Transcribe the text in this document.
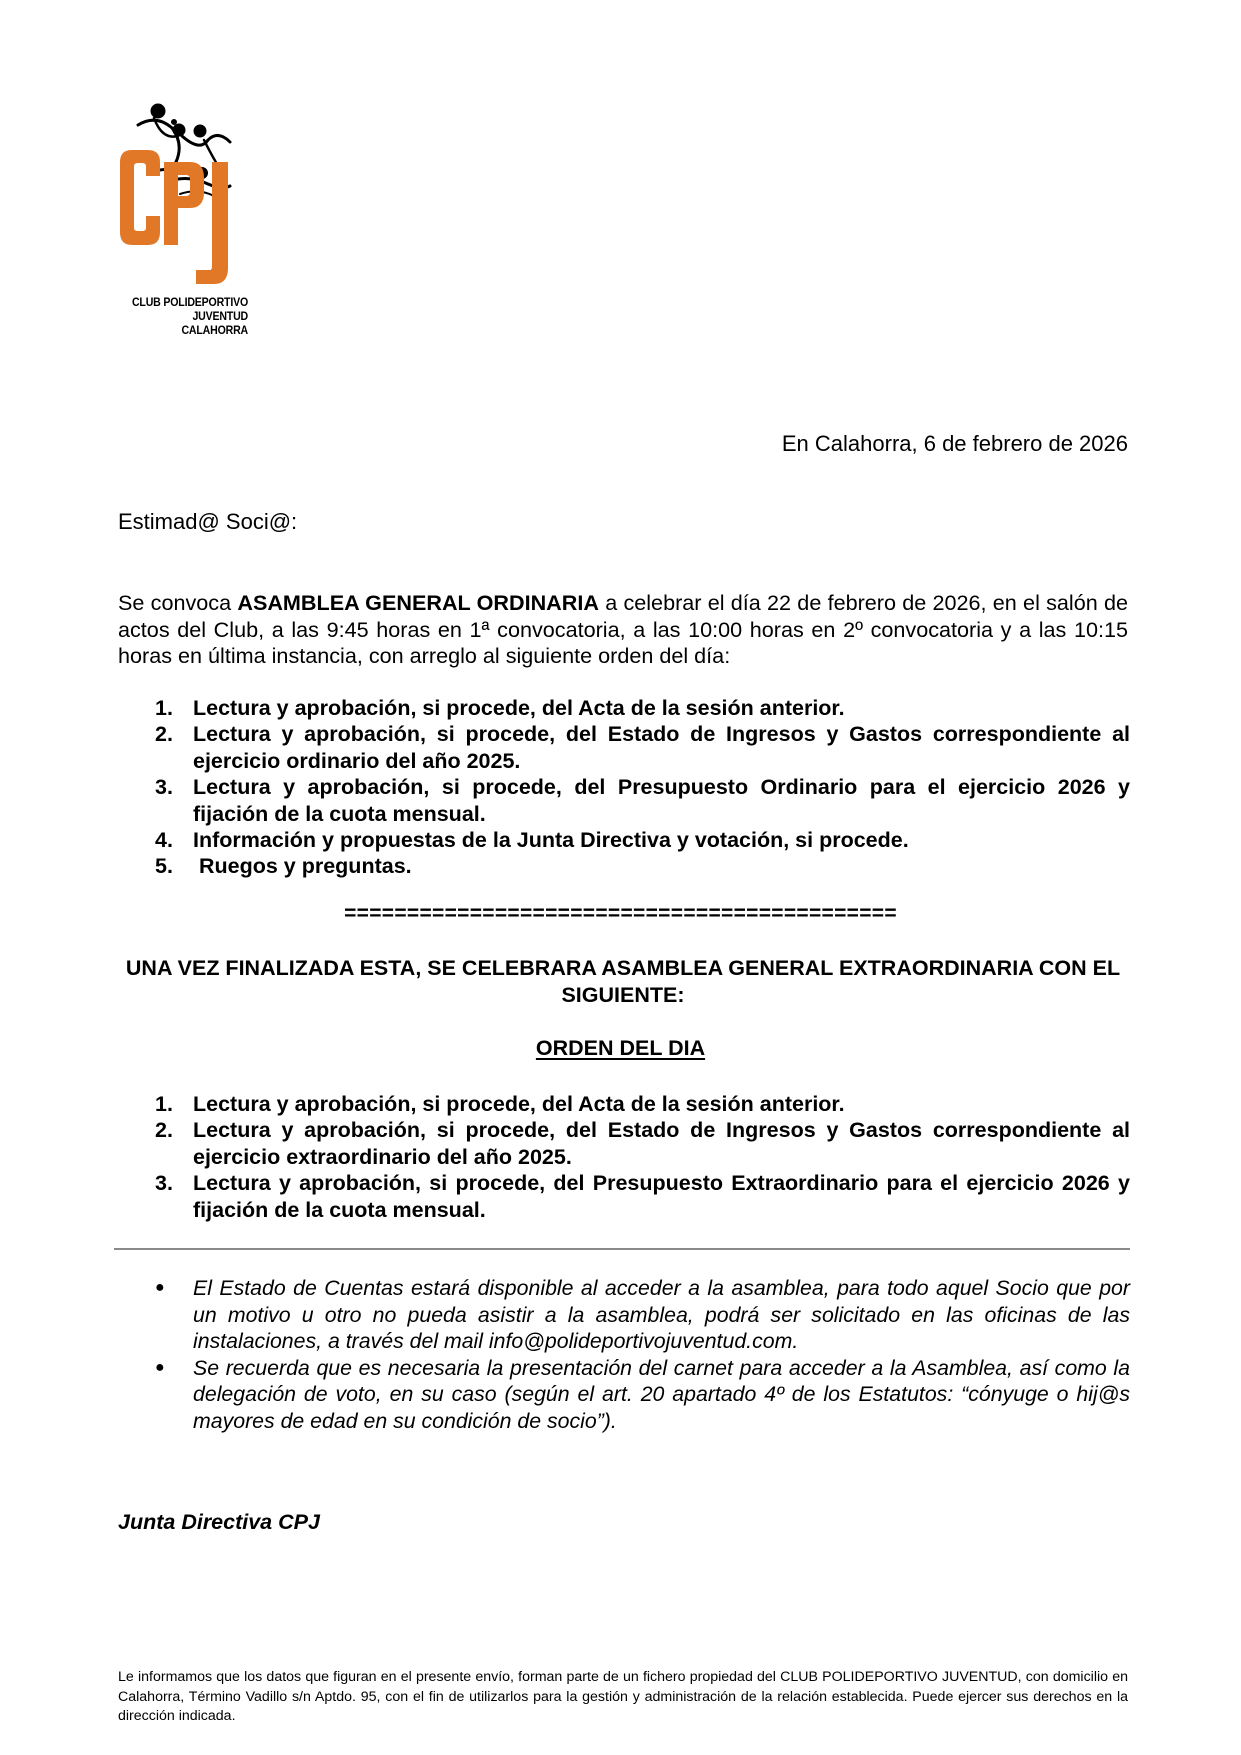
CLUB POLIDEPORTIVO
JUVENTUD
CALAHORRA
En Calahorra, 6 de febrero de 2026
Estimad@ Soci@:

Se convoca ASAMBLEA GENERAL ORDINARIA a celebrar el día 22 de febrero de 2026, en el salón de actos del Club, a las 9:45 horas en 1ª convocatoria, a las 10:00 horas en 2º convocatoria y a las 10:15 horas en última instancia, con arreglo al siguiente orden del día:

1. Lectura y aprobación, si procede, del Acta de la sesión anterior.
2. Lectura y aprobación, si procede, del Estado de Ingresos y Gastos correspondiente al ejercicio ordinario del año 2025.
3. Lectura y aprobación, si procede, del Presupuesto Ordinario para el ejercicio 2026 y fijación de la cuota mensual.
4. Información y propuestas de la Junta Directiva y votación, si procede.
5. Ruegos y preguntas.
============================================
UNA VEZ FINALIZADA ESTA, SE CELEBRARA ASAMBLEA GENERAL EXTRAORDINARIA CON EL SIGUIENTE:
ORDEN DEL DIA
1. Lectura y aprobación, si procede, del Acta de la sesión anterior.
2. Lectura y aprobación, si procede, del Estado de Ingresos y Gastos correspondiente al ejercicio extraordinario del año 2025.
3. Lectura y aprobación, si procede, del Presupuesto Extraordinario para el ejercicio 2026 y fijación de la cuota mensual.
● El Estado de Cuentas estará disponible al acceder a la asamblea, para todo aquel Socio que por un motivo u otro no pueda asistir a la asamblea, podrá ser solicitado en las oficinas de las instalaciones, a través del mail info@polideportivojuventud.com.
● Se recuerda que es necesaria la presentación del carnet para acceder a la Asamblea, así como la delegación de voto, en su caso (según el art. 20 apartado 4º de los Estatutos: “cónyuge o hij@s mayores de edad en su condición de socio”).
Junta Directiva CPJ
Le informamos que los datos que figuran en el presente envío, forman parte de un fichero propiedad del CLUB POLIDEPORTIVO JUVENTUD, con domicilio en Calahorra, Término Vadillo s/n Aptdo. 95, con el fin de utilizarlos para la gestión y administración de la relación establecida. Puede ejercer sus derechos en la dirección indicada.
